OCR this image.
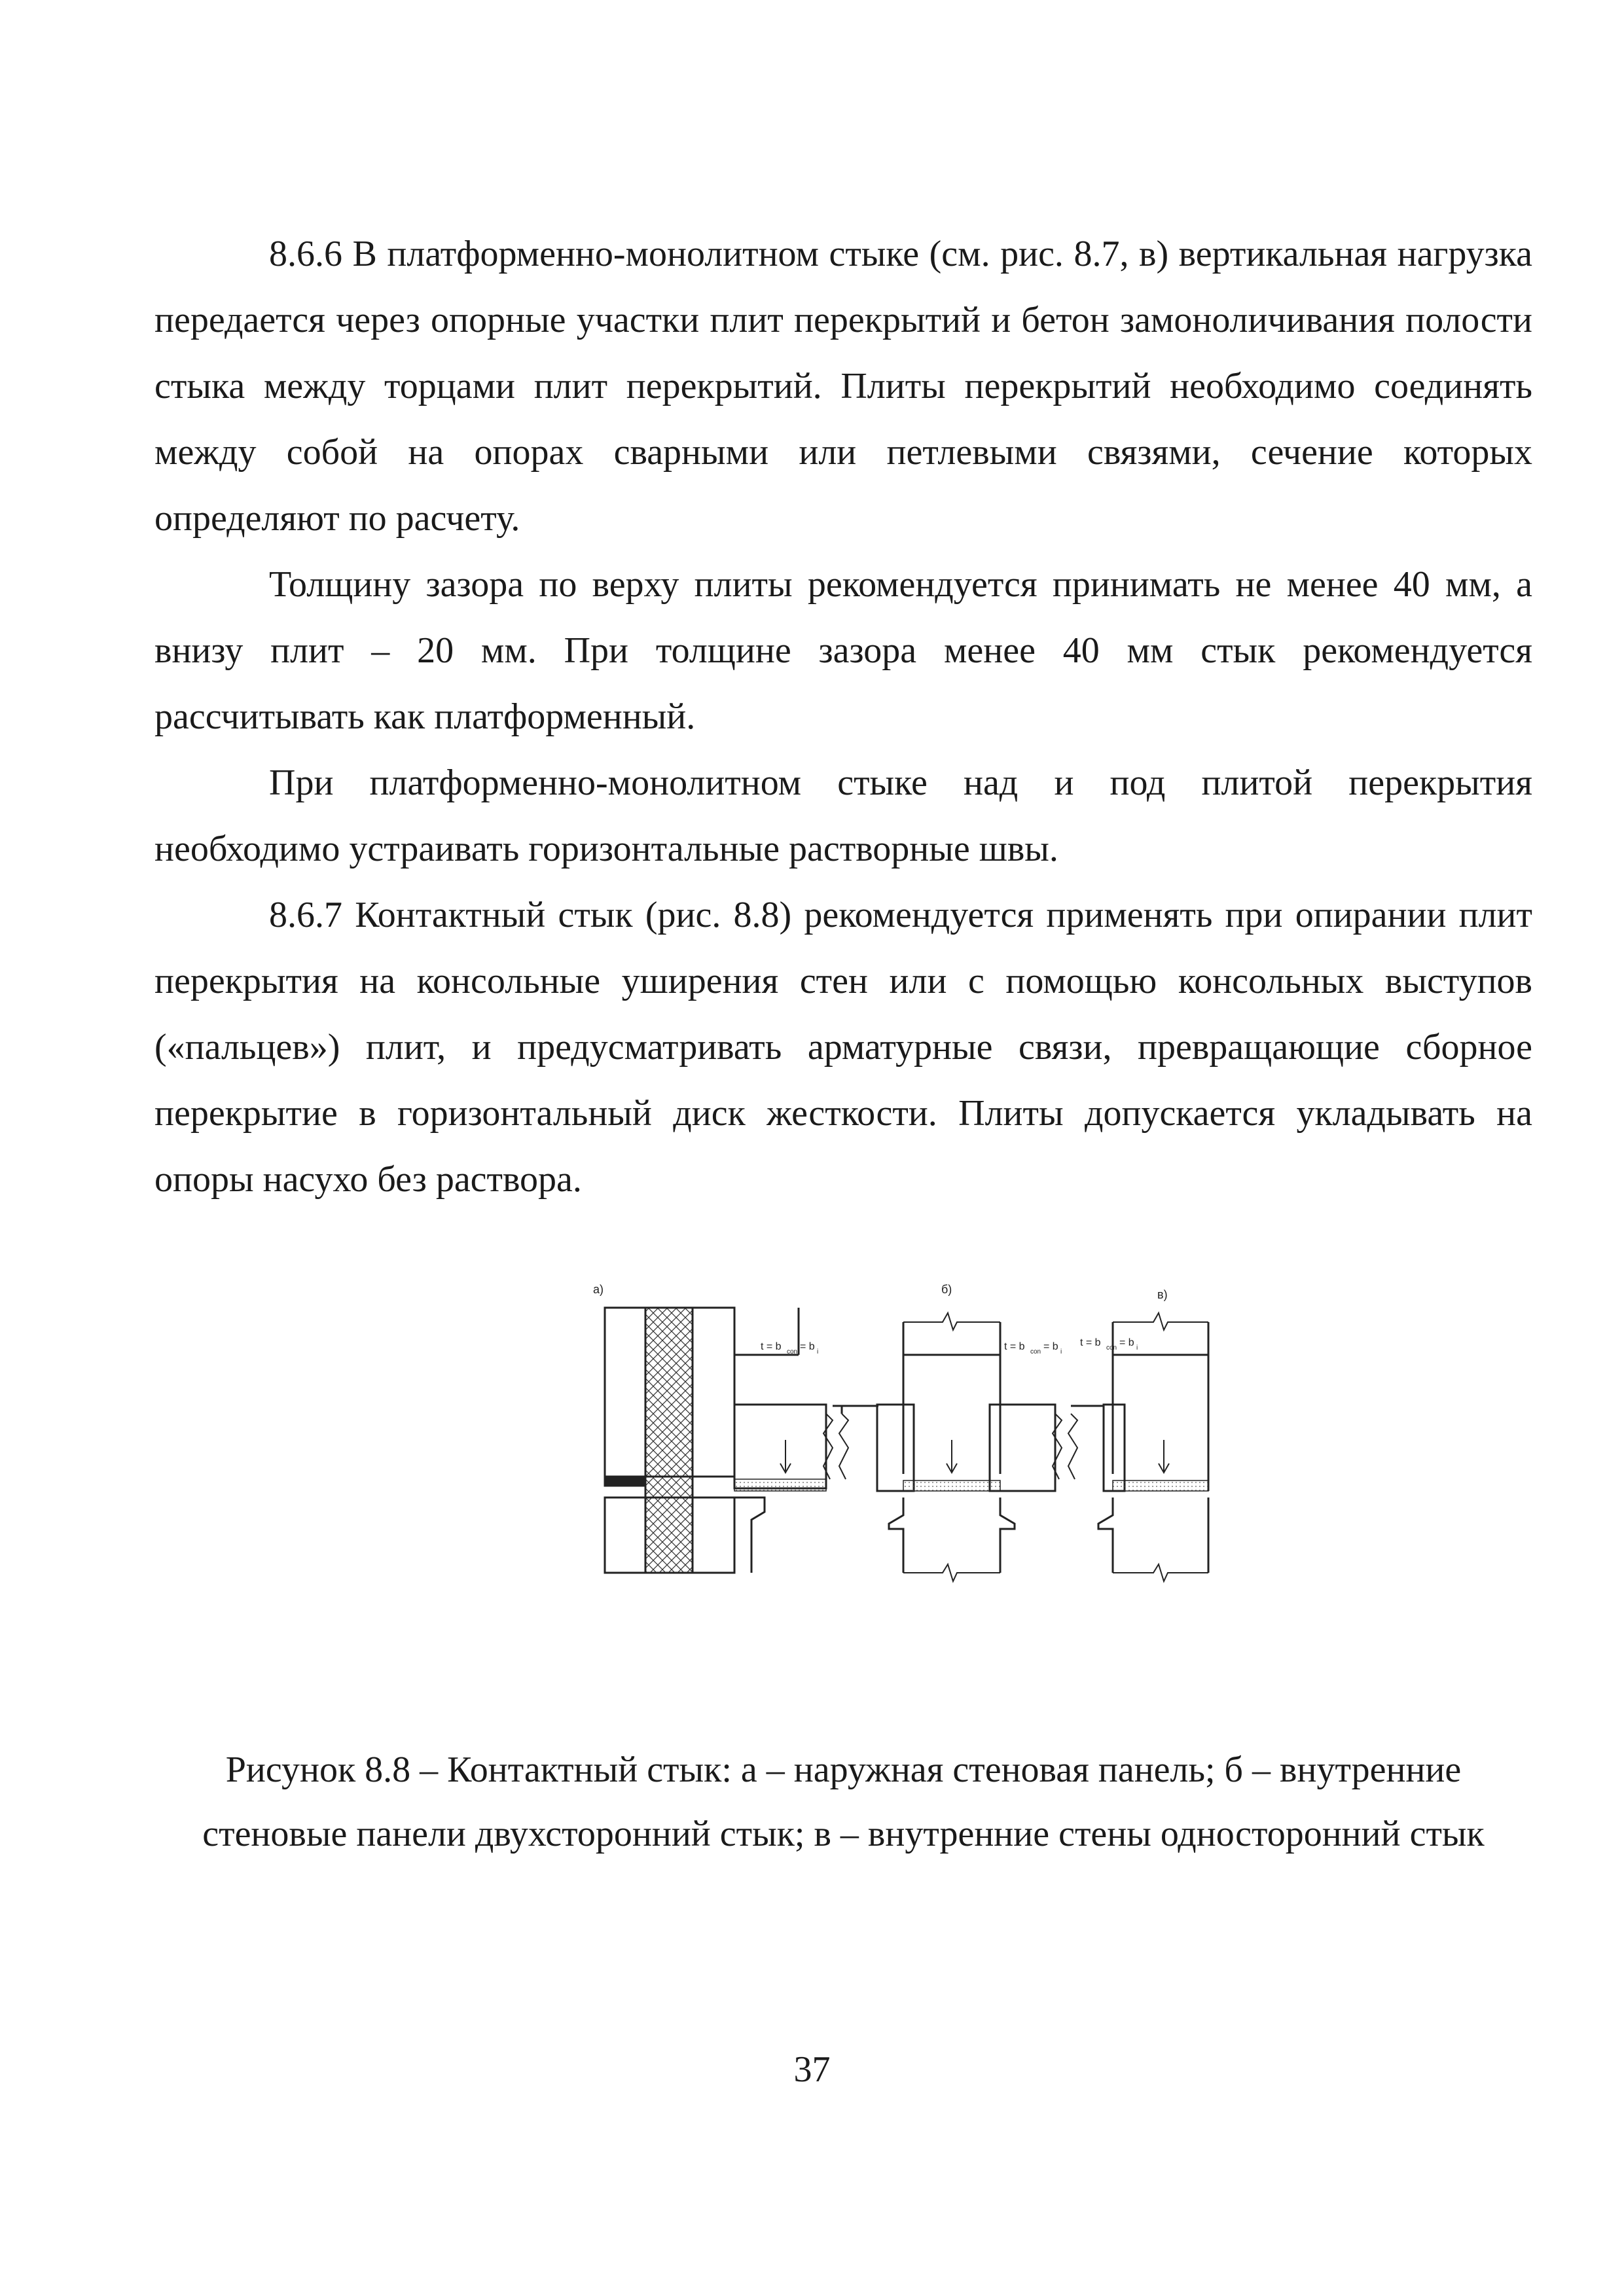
8.6.6 В платформенно-монолитном стыке (см. рис. 8.7, в) вертикальная нагрузка передается через опорные участки плит перекрытий и бетон замоноличивания полости стыка между торцами плит перекрытий. Плиты перекрытий необходимо соединять между собой на опорах сварными или петлевыми связями, сечение которых определяют по расчету.

Толщину зазора по верху плиты рекомендуется принимать не менее 40 мм, а внизу плит – 20 мм. При толщине зазора менее 40 мм стык рекомендуется рассчитывать как платформенный.

При платформенно-монолитном стыке над и под плитой перекрытия необходимо устраивать горизонтальные растворные швы.

8.6.7 Контактный стык (рис. 8.8) рекомендуется применять при опирании плит перекрытия на консольные уширения стен или с помощью консольных выступов («пальцев») плит, и предусматривать арматурные связи, превращающие сборное перекрытие в горизонтальный диск жесткости. Плиты допускается укладывать на опоры насухо без раствора.

а)	б)	в)
t = b con = b i	t = b con = b i
t = b con = b i
Рисунок 8.8 – Контактный стык: а – наружная стеновая панель; б – внутренние
стеновые панели двухсторонний стык; в – внутренние стены односторонний стык
37
